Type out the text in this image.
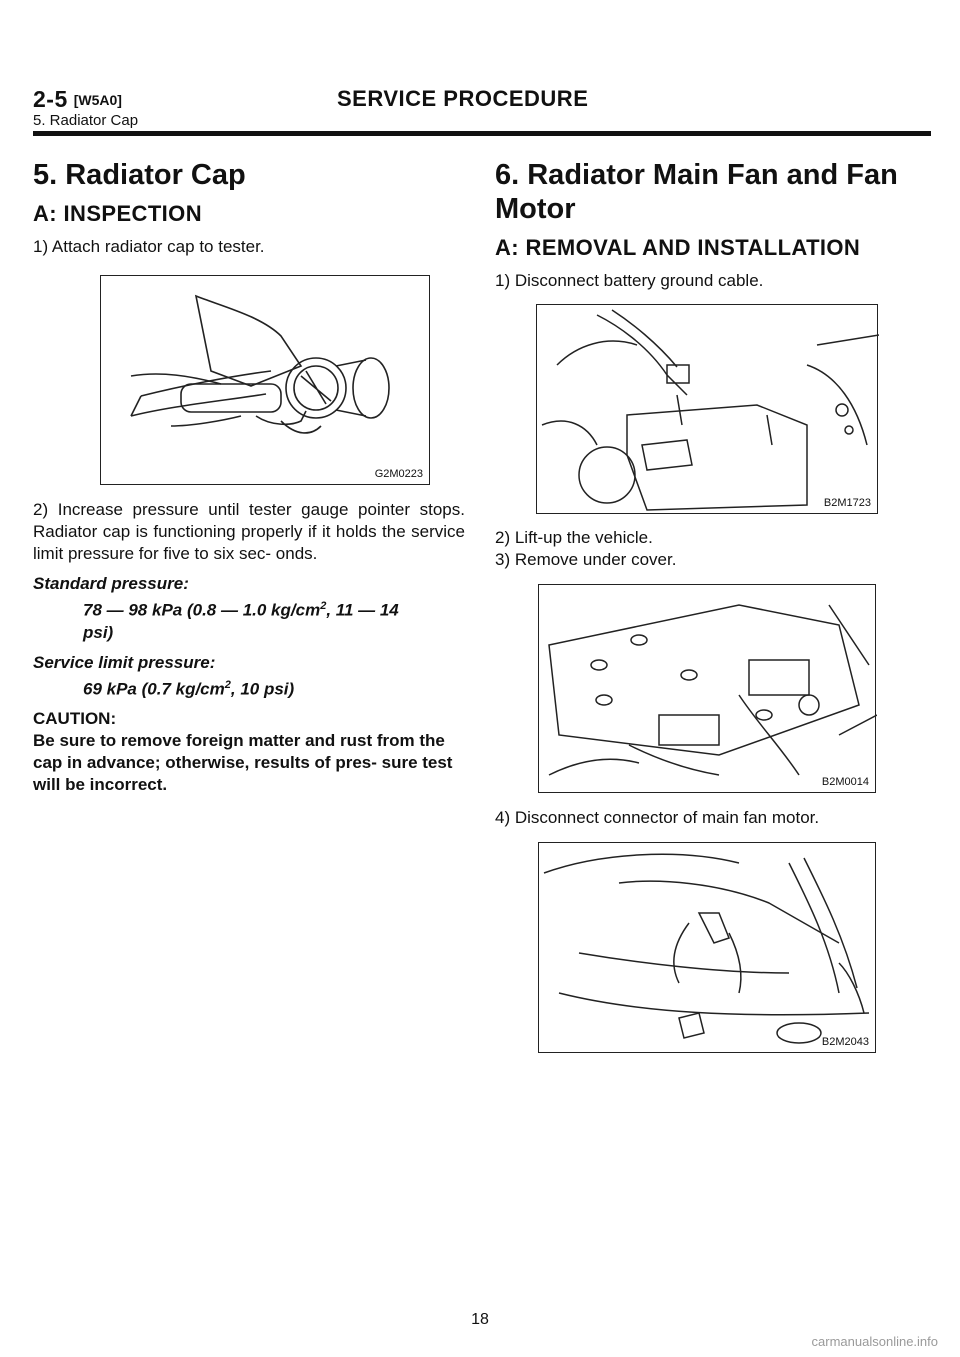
2-5 [W5A0]	SERVICE PROCEDURE
5. Radiator Cap
5. Radiator Cap
A: INSPECTION

1) Attach radiator cap to tester.

G2M0223

2) Increase pressure until tester gauge pointer stops. Radiator cap is functioning properly if it holds the service limit pressure for five to six sec- onds.

Standard pressure:
78 — 98 kPa (0.8 — 1.0 $kg/cm^2$, 11 — 14
psi)
Service limit pressure:
69 kPa (0.7 $kg/cm^2$, 10 psi)
CAUTION:
Be sure to remove foreign matter and rust from the cap in advance; otherwise, results of pres- sure test will be incorrect.
6. Radiator Main Fan and Fan Motor
A: REMOVAL AND INSTALLATION

1) Disconnect battery ground cable.

B2M1723

2) Lift-up the vehicle.

3) Remove under cover.

B2M0014

4) Disconnect connector of main fan motor.

B2M2043
18
carmanualsonline.info
